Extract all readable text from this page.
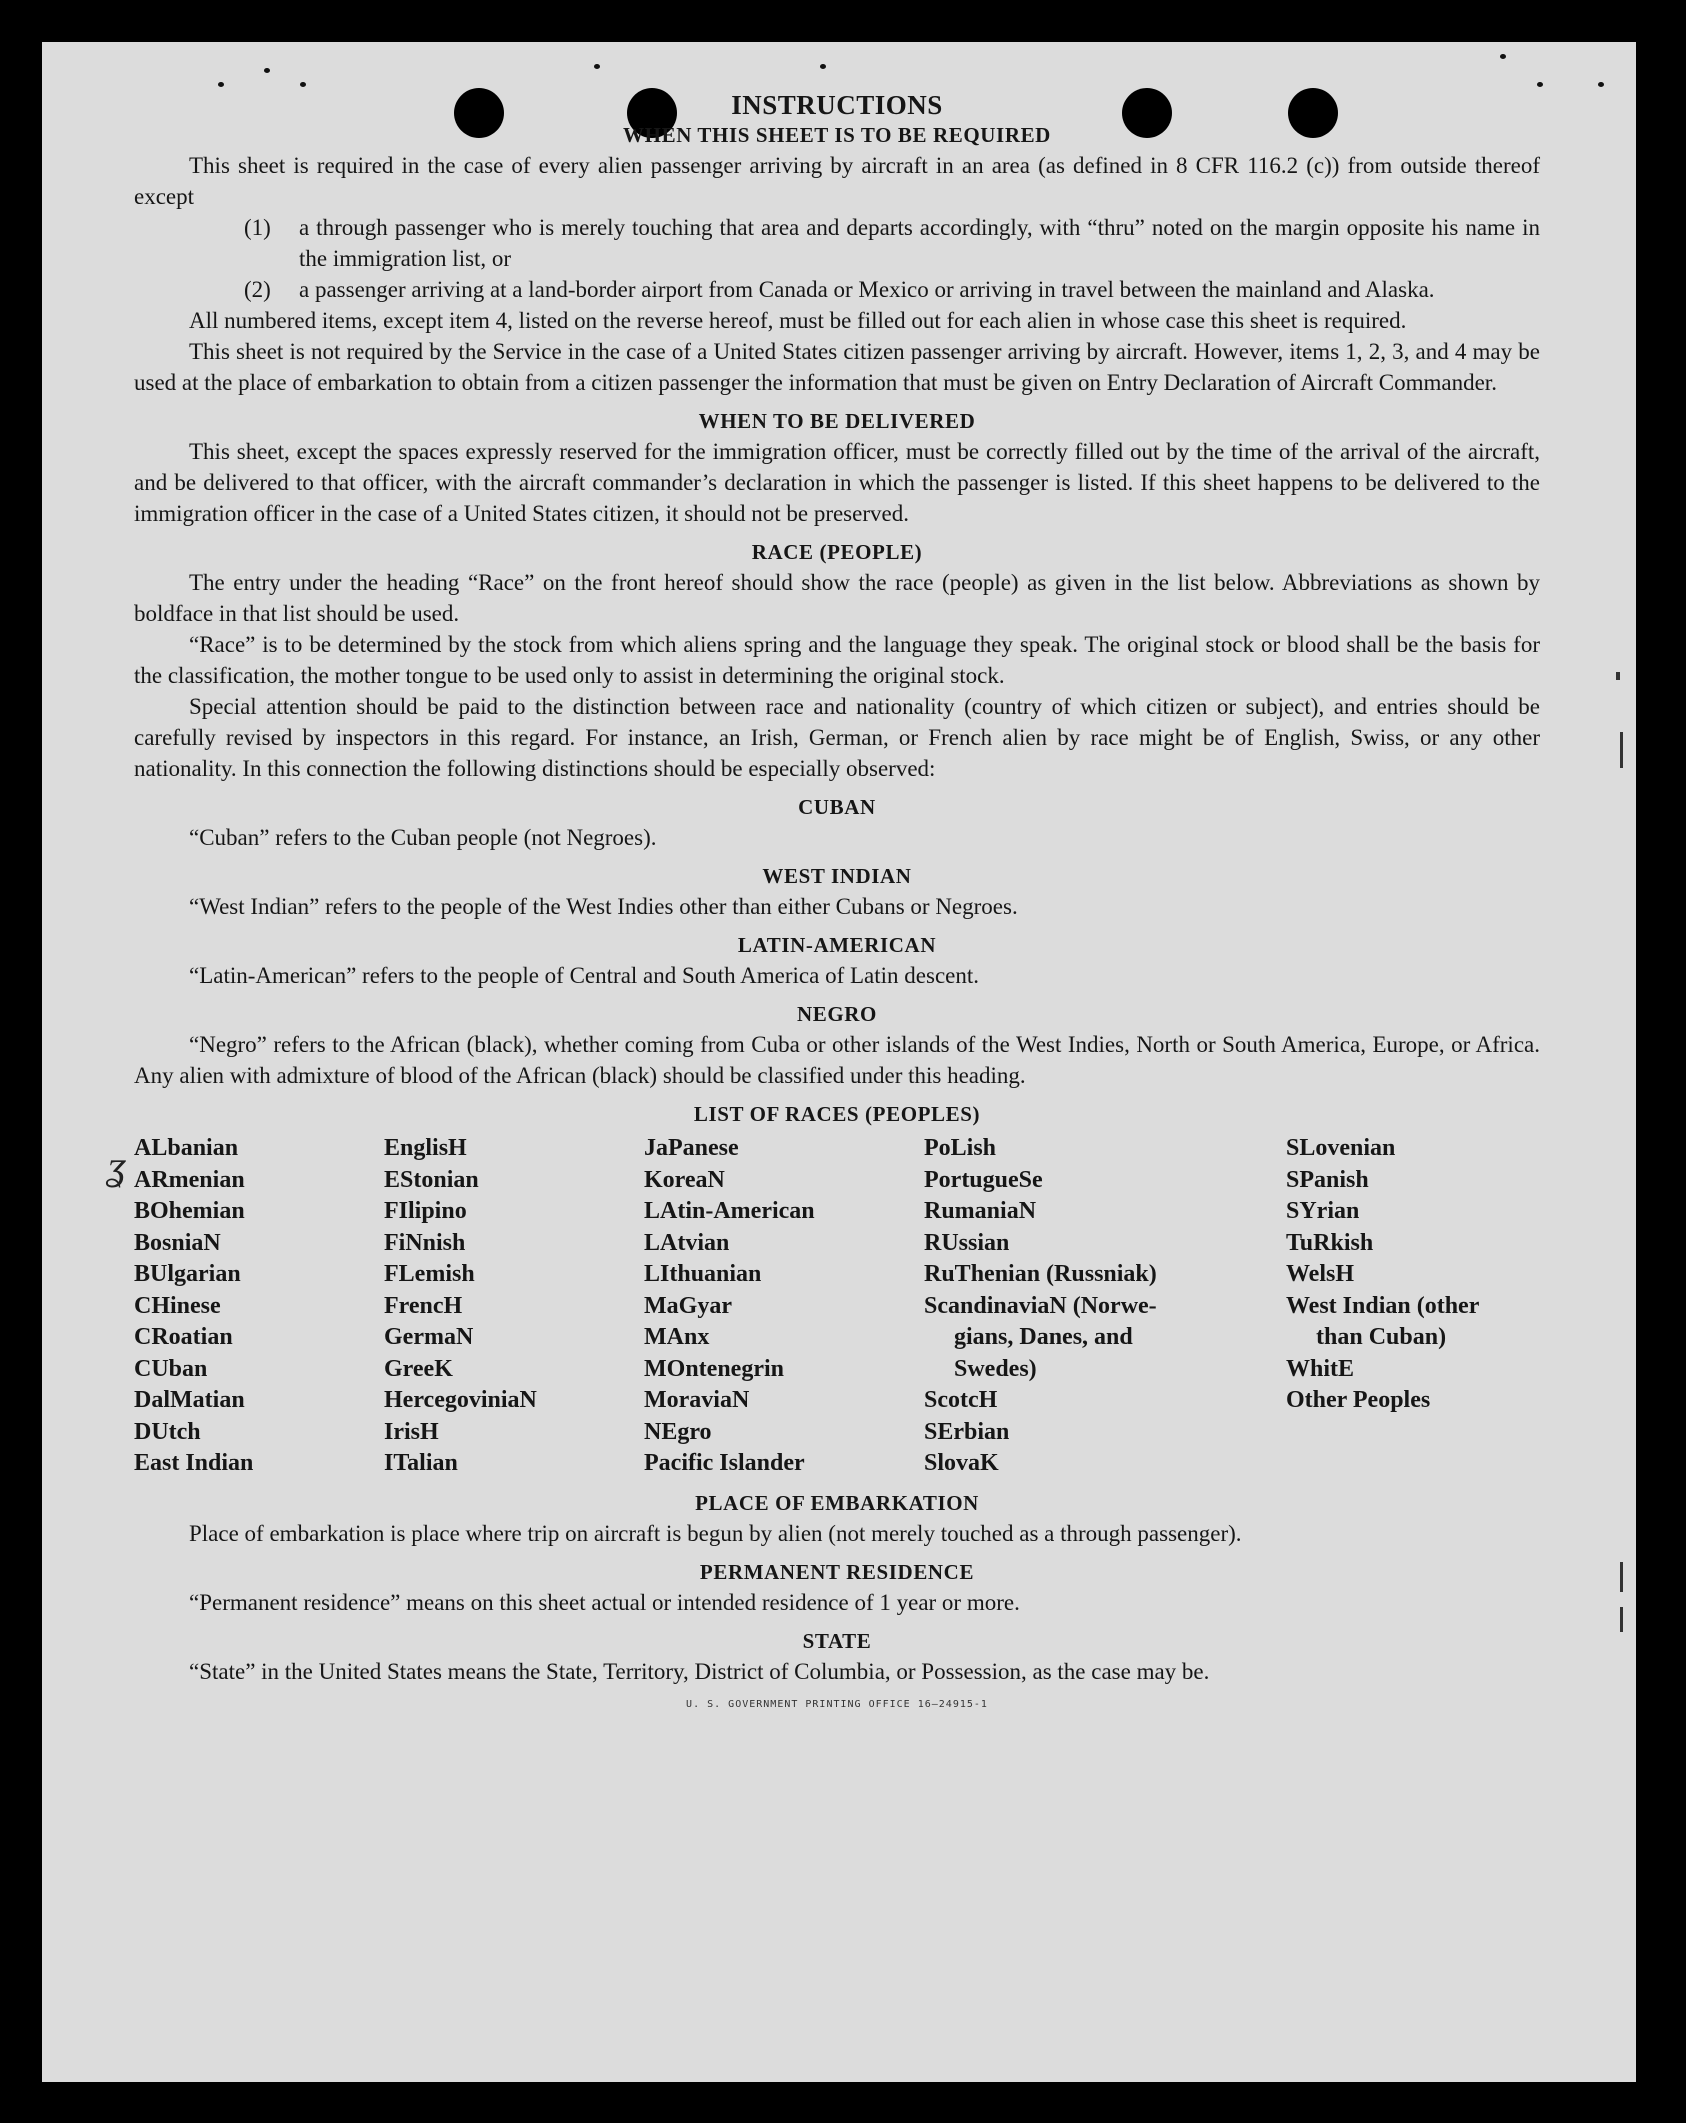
ʓ
INSTRUCTIONS
WHEN THIS SHEET IS TO BE REQUIRED

This sheet is required in the case of every alien passenger arriving by aircraft in an area (as defined in 8 CFR 116.2 (c)) from outside thereof except

(1)	a through passenger who is merely touching that area and departs accordingly, with “thru” noted on the margin opposite his name in the immigration list, or
(2)	a passenger arriving at a land-border airport from Canada or Mexico or arriving in travel between the mainland and Alaska.

All numbered items, except item 4, listed on the reverse hereof, must be filled out for each alien in whose case this sheet is required.

This sheet is not required by the Service in the case of a United States citizen passenger arriving by aircraft. However, items 1, 2, 3, and 4 may be used at the place of embarkation to obtain from a citizen passenger the information that must be given on Entry Declaration of Aircraft Commander.

WHEN TO BE DELIVERED

This sheet, except the spaces expressly reserved for the immigration officer, must be correctly filled out by the time of the arrival of the aircraft, and be delivered to that officer, with the aircraft commander’s declaration in which the passenger is listed. If this sheet happens to be delivered to the immigration officer in the case of a United States citizen, it should not be preserved.

RACE (PEOPLE)

The entry under the heading “Race” on the front hereof should show the race (people) as given in the list below. Abbreviations as shown by boldface in that list should be used.

“Race” is to be determined by the stock from which aliens spring and the language they speak. The original stock or blood shall be the basis for the classification, the mother tongue to be used only to assist in determining the original stock.

Special attention should be paid to the distinction between race and nationality (country of which citizen or subject), and entries should be carefully revised by inspectors in this regard. For instance, an Irish, German, or French alien by race might be of English, Swiss, or any other nationality. In this connection the following distinctions should be especially observed:

CUBAN

“Cuban” refers to the Cuban people (not Negroes).

WEST INDIAN

“West Indian” refers to the people of the West Indies other than either Cubans or Negroes.

LATIN-AMERICAN

“Latin-American” refers to the people of Central and South America of Latin descent.

NEGRO

“Negro” refers to the African (black), whether coming from Cuba or other islands of the West Indies, North or South America, Europe, or Africa. Any alien with admixture of blood of the African (black) should be classified under this heading.

LIST OF RACES (PEOPLES)
ALbanian
ARmenian
BOhemian
BosniaN
BUlgarian
CHinese
CRoatian
CUban
DalMatian
DUtch
East Indian
EnglisH
EStonian
FIlipino
FiNnish
FLemish
FrencH
GermaN
GreeK
HercegoviniaN
IrisH
ITalian
JaPanese
KoreaN
LAtin-American
LAtvian
LIthuanian
MaGyar
MAnx
MOntenegrin
MoraviaN
NEgro
Pacific Islander
PoLish
PortugueSe
RumaniaN
RUssian
RuThenian (Russniak)
ScandinaviaN (Norwe-
gians, Danes, and
Swedes)
ScotcH
SErbian
SlovaK
SLovenian
SPanish
SYrian
TuRkish
WelsH
West Indian (other
than Cuban)
WhitE
Other Peoples
PLACE OF EMBARKATION

Place of embarkation is place where trip on aircraft is begun by alien (not merely touched as a through passenger).

PERMANENT RESIDENCE

“Permanent residence” means on this sheet actual or intended residence of 1 year or more.

STATE

“State” in the United States means the State, Territory, District of Columbia, or Possession, as the case may be.

U. S. GOVERNMENT PRINTING OFFICE 16—24915-1
